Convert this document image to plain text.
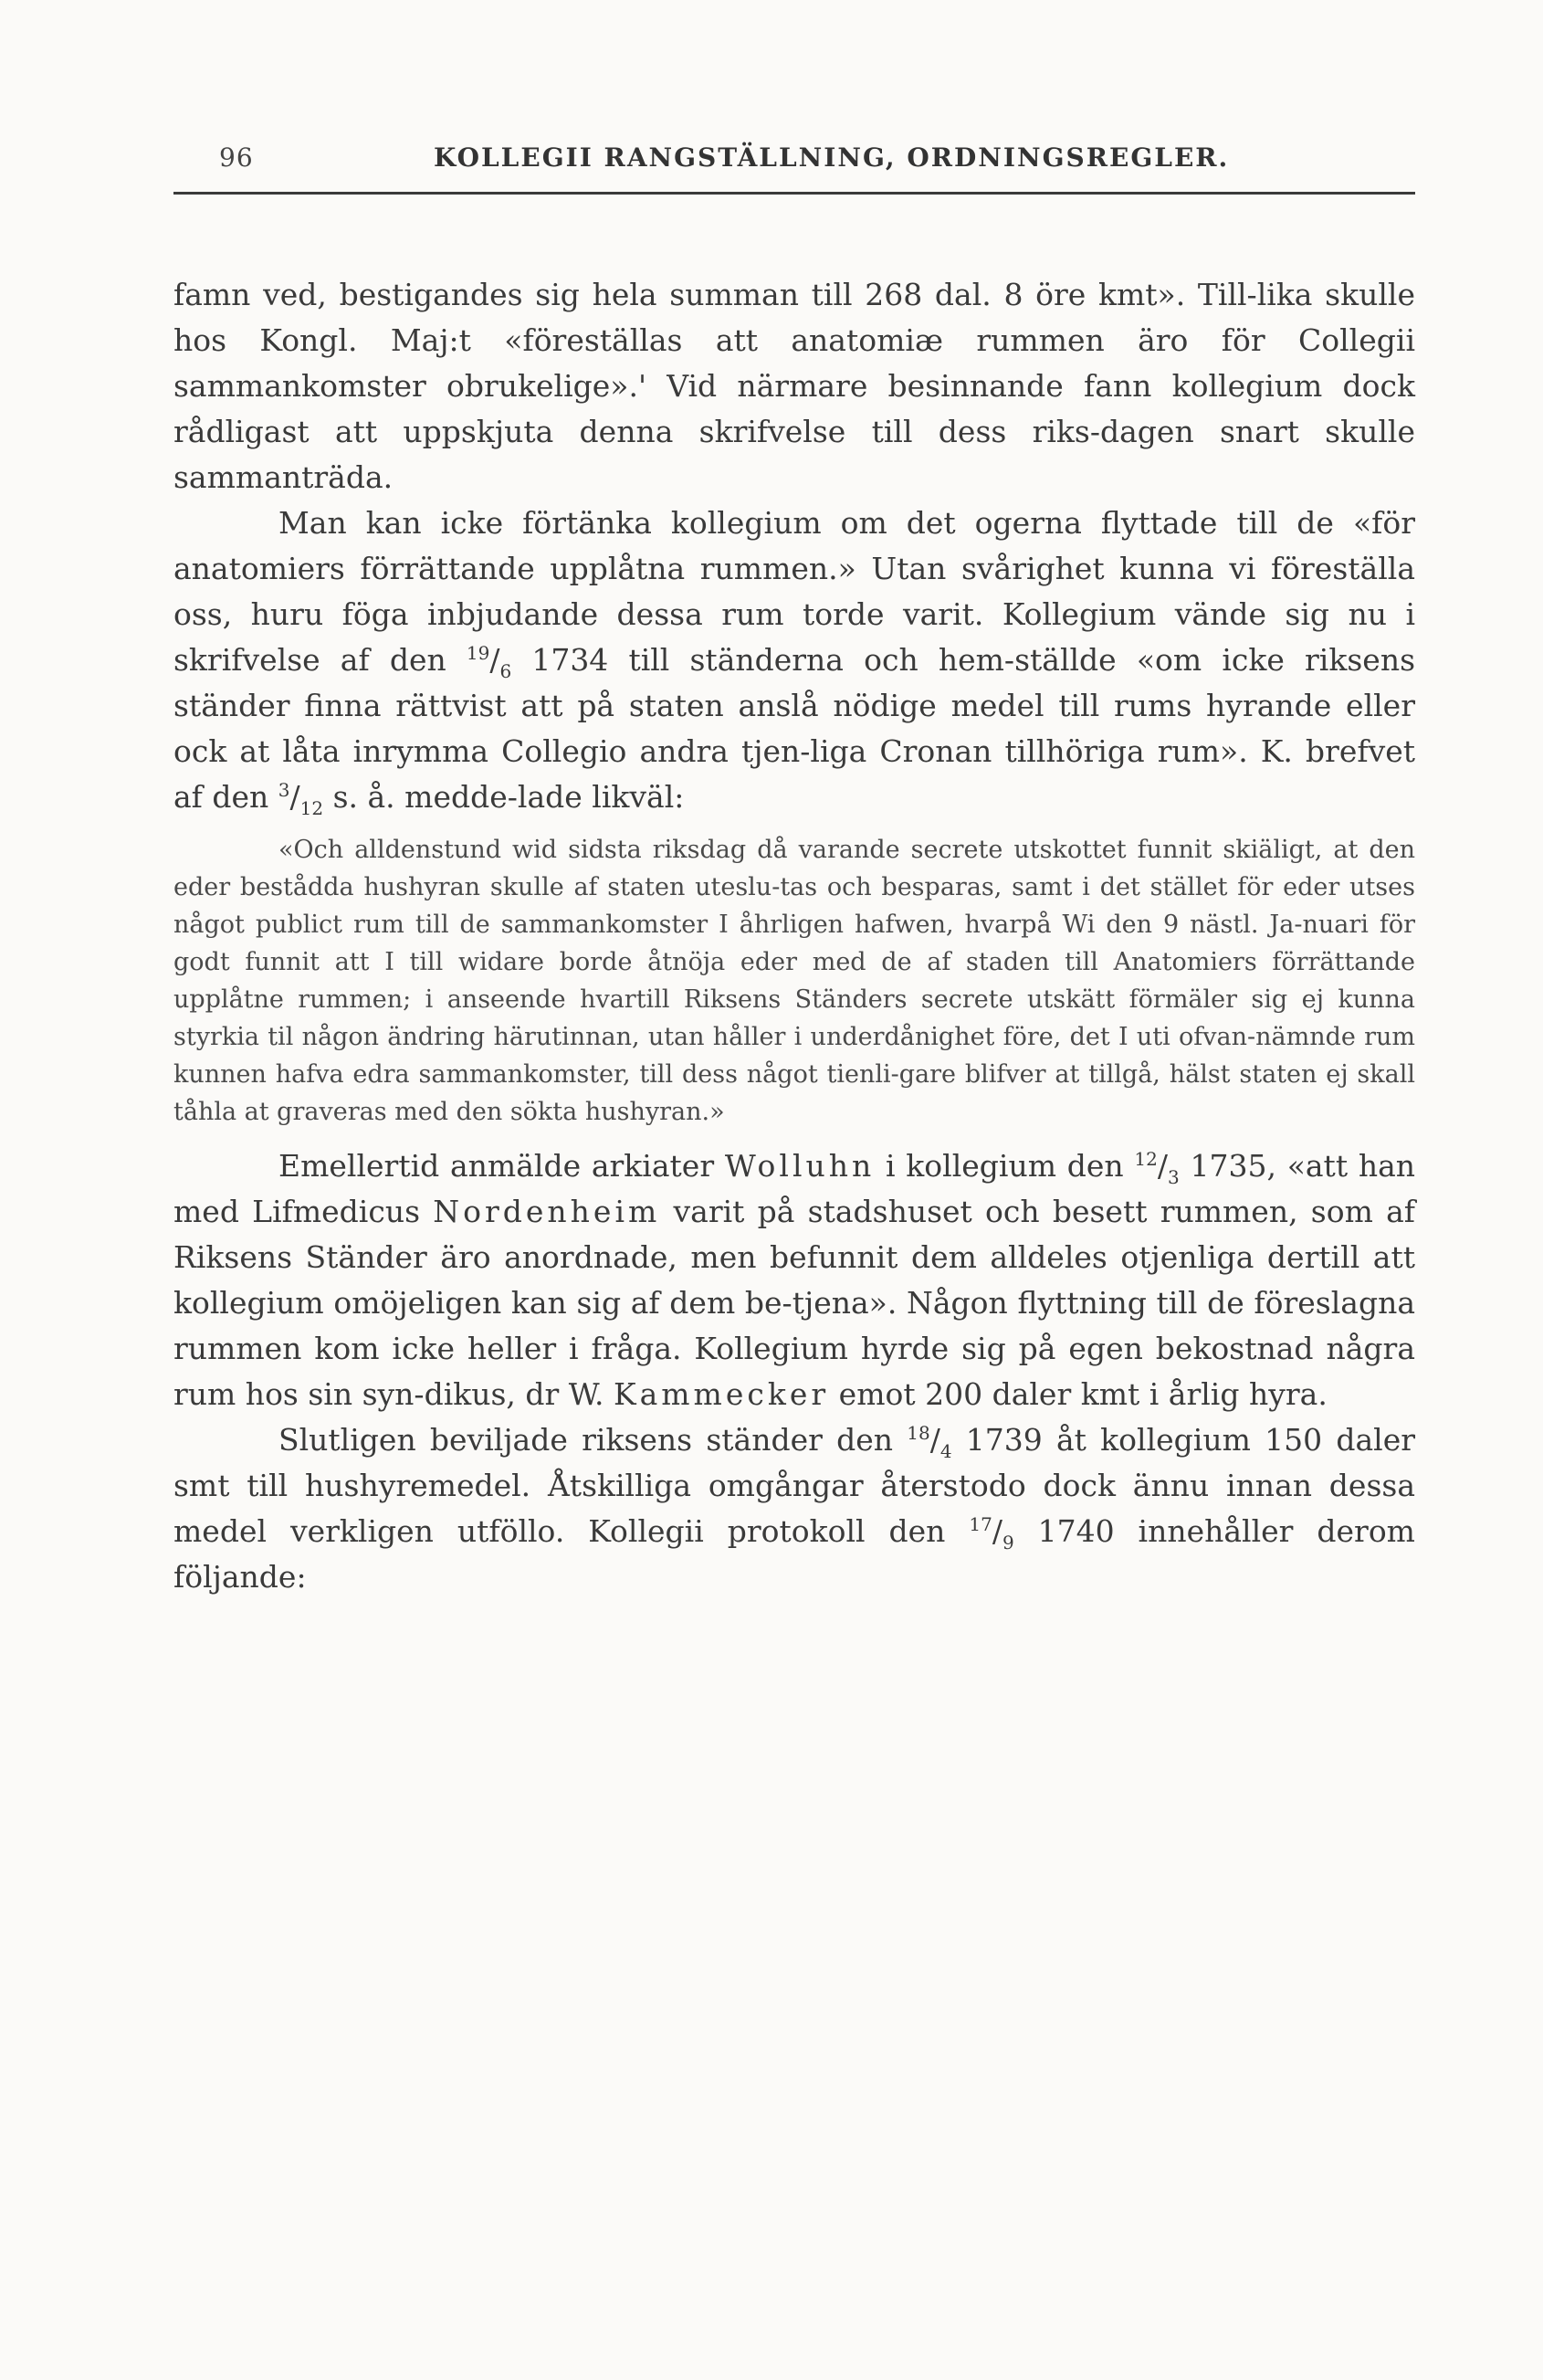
96	KOLLEGII RANGSTÄLLNING, ORDNINGSREGLER.

famn ved, bestigandes sig hela summan till 268 dal. 8 öre kmt». Till-lika skulle hos Kongl. Maj:t «föreställas att anatomiæ rummen äro för Collegii sammankomster obrukelige».' Vid närmare besinnande fann kollegium dock rådligast att uppskjuta denna skrifvelse till dess riks-dagen snart skulle sammanträda.

Man kan icke förtänka kollegium om det ogerna flyttade till de «för anatomiers förrättande upplåtna rummen.» Utan svårighet kunna vi föreställa oss, huru föga inbjudande dessa rum torde varit. Kollegium vände sig nu i skrifvelse af den $^{19}/_6$ 1734 till ständerna och hem-ställde «om icke riksens ständer finna rättvist att på staten anslå nödige medel till rums hyrande eller ock at låta inrymma Collegio andra tjen-liga Cronan tillhöriga rum». K. brefvet af den $^3/_{12}$ s. å. medde-lade likväl:

«Och alldenstund wid sidsta riksdag då varande secrete utskottet funnit skiäligt, at den eder bestådda hushyran skulle af staten uteslu-tas och besparas, samt i det stället för eder utses något publict rum till de sammankomster I åhrligen hafwen, hvarpå Wi den 9 nästl. Ja-nuari för godt funnit att I till widare borde åtnöja eder med de af staden till Anatomiers förrättande upplåtne rummen; i anseende hvartill Riksens Ständers secrete utskätt förmäler sig ej kunna styrkia til någon ändring härutinnan, utan håller i underdånighet före, det I uti ofvan-nämnde rum kunnen hafva edra sammankomster, till dess något tienli-gare blifver at tillgå, hälst staten ej skall tåhla at graveras med den sökta hushyran.»

Emellertid anmälde arkiater Wolluhn i kollegium den $^{12}/_3$ 1735, «att han med Lifmedicus Nordenheim varit på stadshuset och besett rummen, som af Riksens Ständer äro anordnade, men befunnit dem alldeles otjenliga dertill att kollegium omöjeligen kan sig af dem be-tjena». Någon flyttning till de föreslagna rummen kom icke heller i fråga. Kollegium hyrde sig på egen bekostnad några rum hos sin syn-dikus, dr W. Kammecker emot 200 daler kmt i årlig hyra.

Slutligen beviljade riksens ständer den $^{18}/_4$ 1739 åt kollegium 150 daler smt till hushyremedel. Åtskilliga omgångar återstodo dock ännu innan dessa medel verkligen utföllo. Kollegii protokoll den $^{17}/_9$ 1740 innehåller derom följande:
